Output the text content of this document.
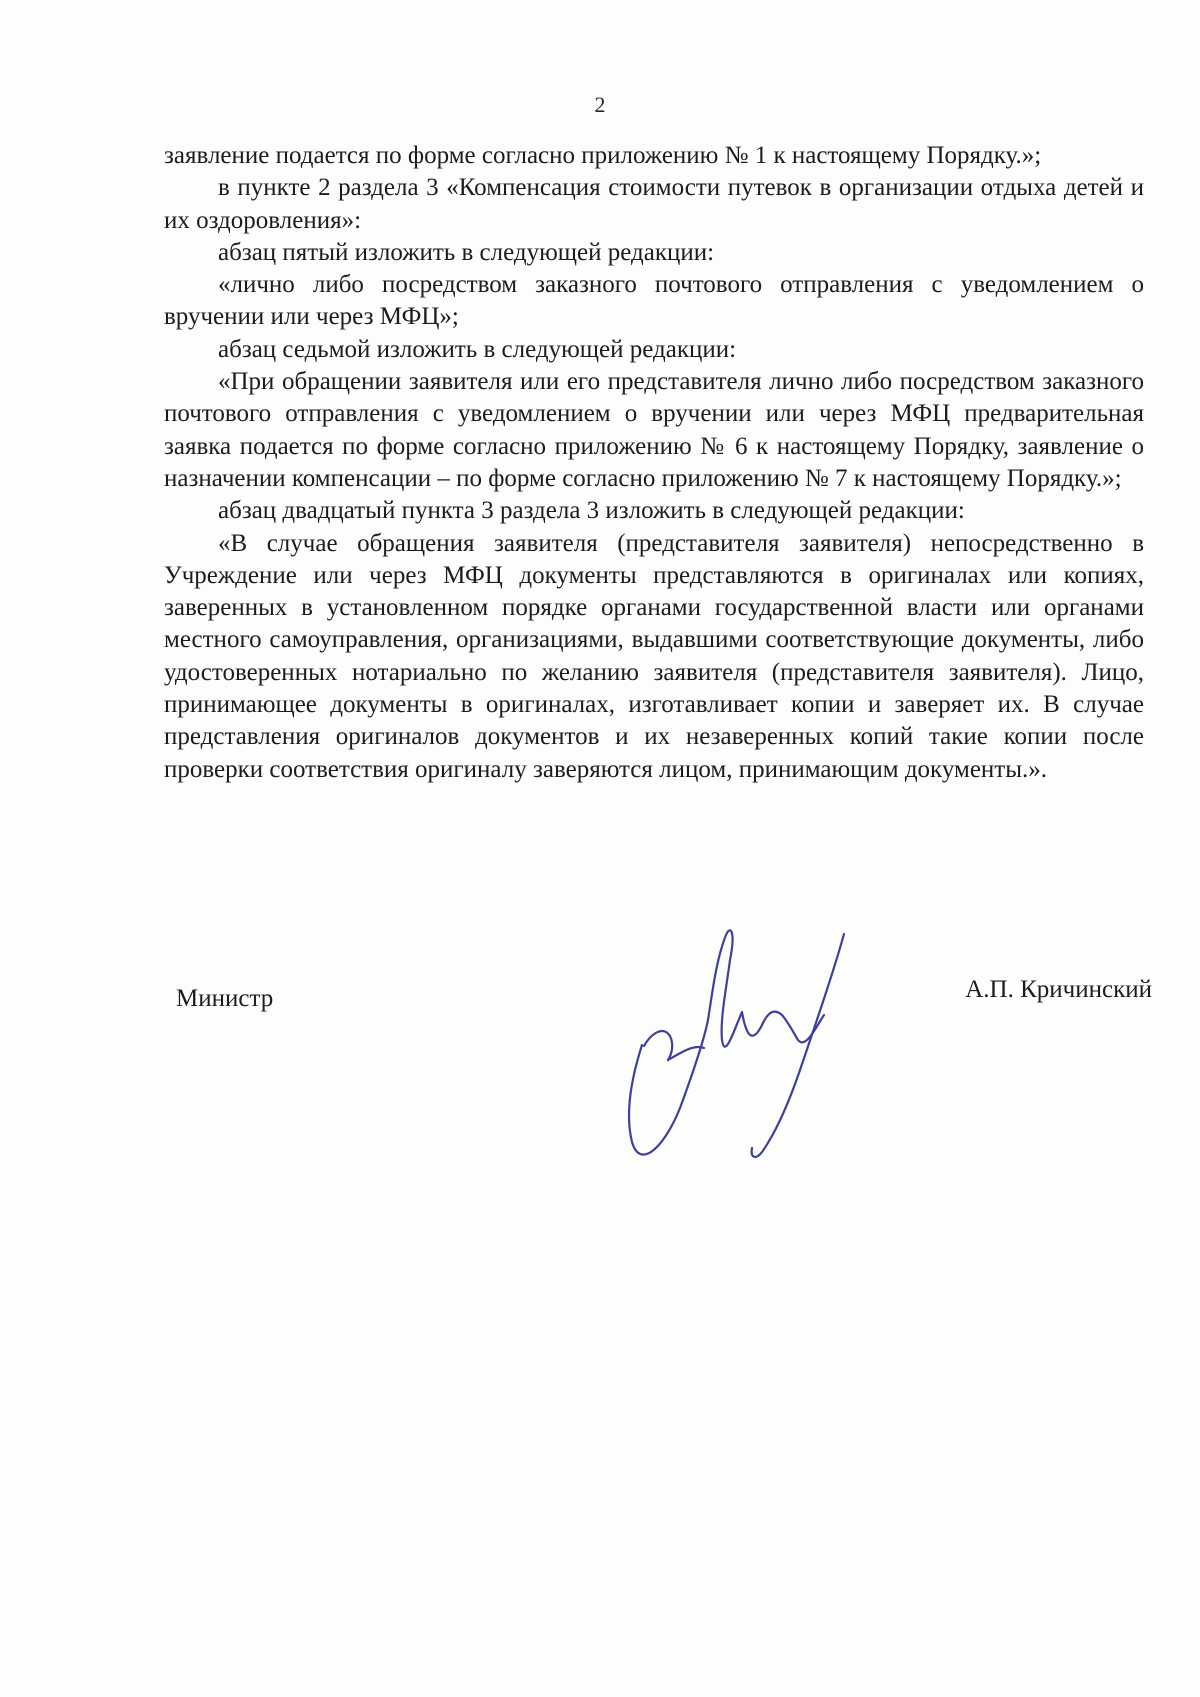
2

заявление подается по форме согласно приложению № 1 к настоящему Порядку.»;

в пункте 2 раздела 3 «Компенсация стоимости путевок в организации отдыха детей и их оздоровления»:

абзац пятый изложить в следующей редакции:

«лично либо посредством заказного почтового отправления с уведомлением о вручении или через МФЦ»;

абзац седьмой изложить в следующей редакции:

«При обращении заявителя или его представителя лично либо посредством заказного почтового отправления с уведомлением о вручении или через МФЦ предварительная заявка подается по форме согласно приложению № 6 к настоящему Порядку, заявление о назначении компенсации – по форме согласно приложению № 7 к настоящему Порядку.»;

абзац двадцатый пункта 3 раздела 3 изложить в следующей редакции:

«В случае обращения заявителя (представителя заявителя) непосредственно в Учреждение или через МФЦ документы представляются в оригиналах или копиях, заверенных в установленном порядке органами государственной власти или органами местного самоуправления, организациями, выдавшими соответствующие документы, либо удостоверенных нотариально по желанию заявителя (представителя заявителя). Лицо, принимающее документы в оригиналах, изготавливает копии и заверяет их. В случае представления оригиналов документов и их незаверенных копий такие копии после проверки соответствия оригиналу заверяются лицом, принимающим документы.».

Министр	А.П. Кричинский
